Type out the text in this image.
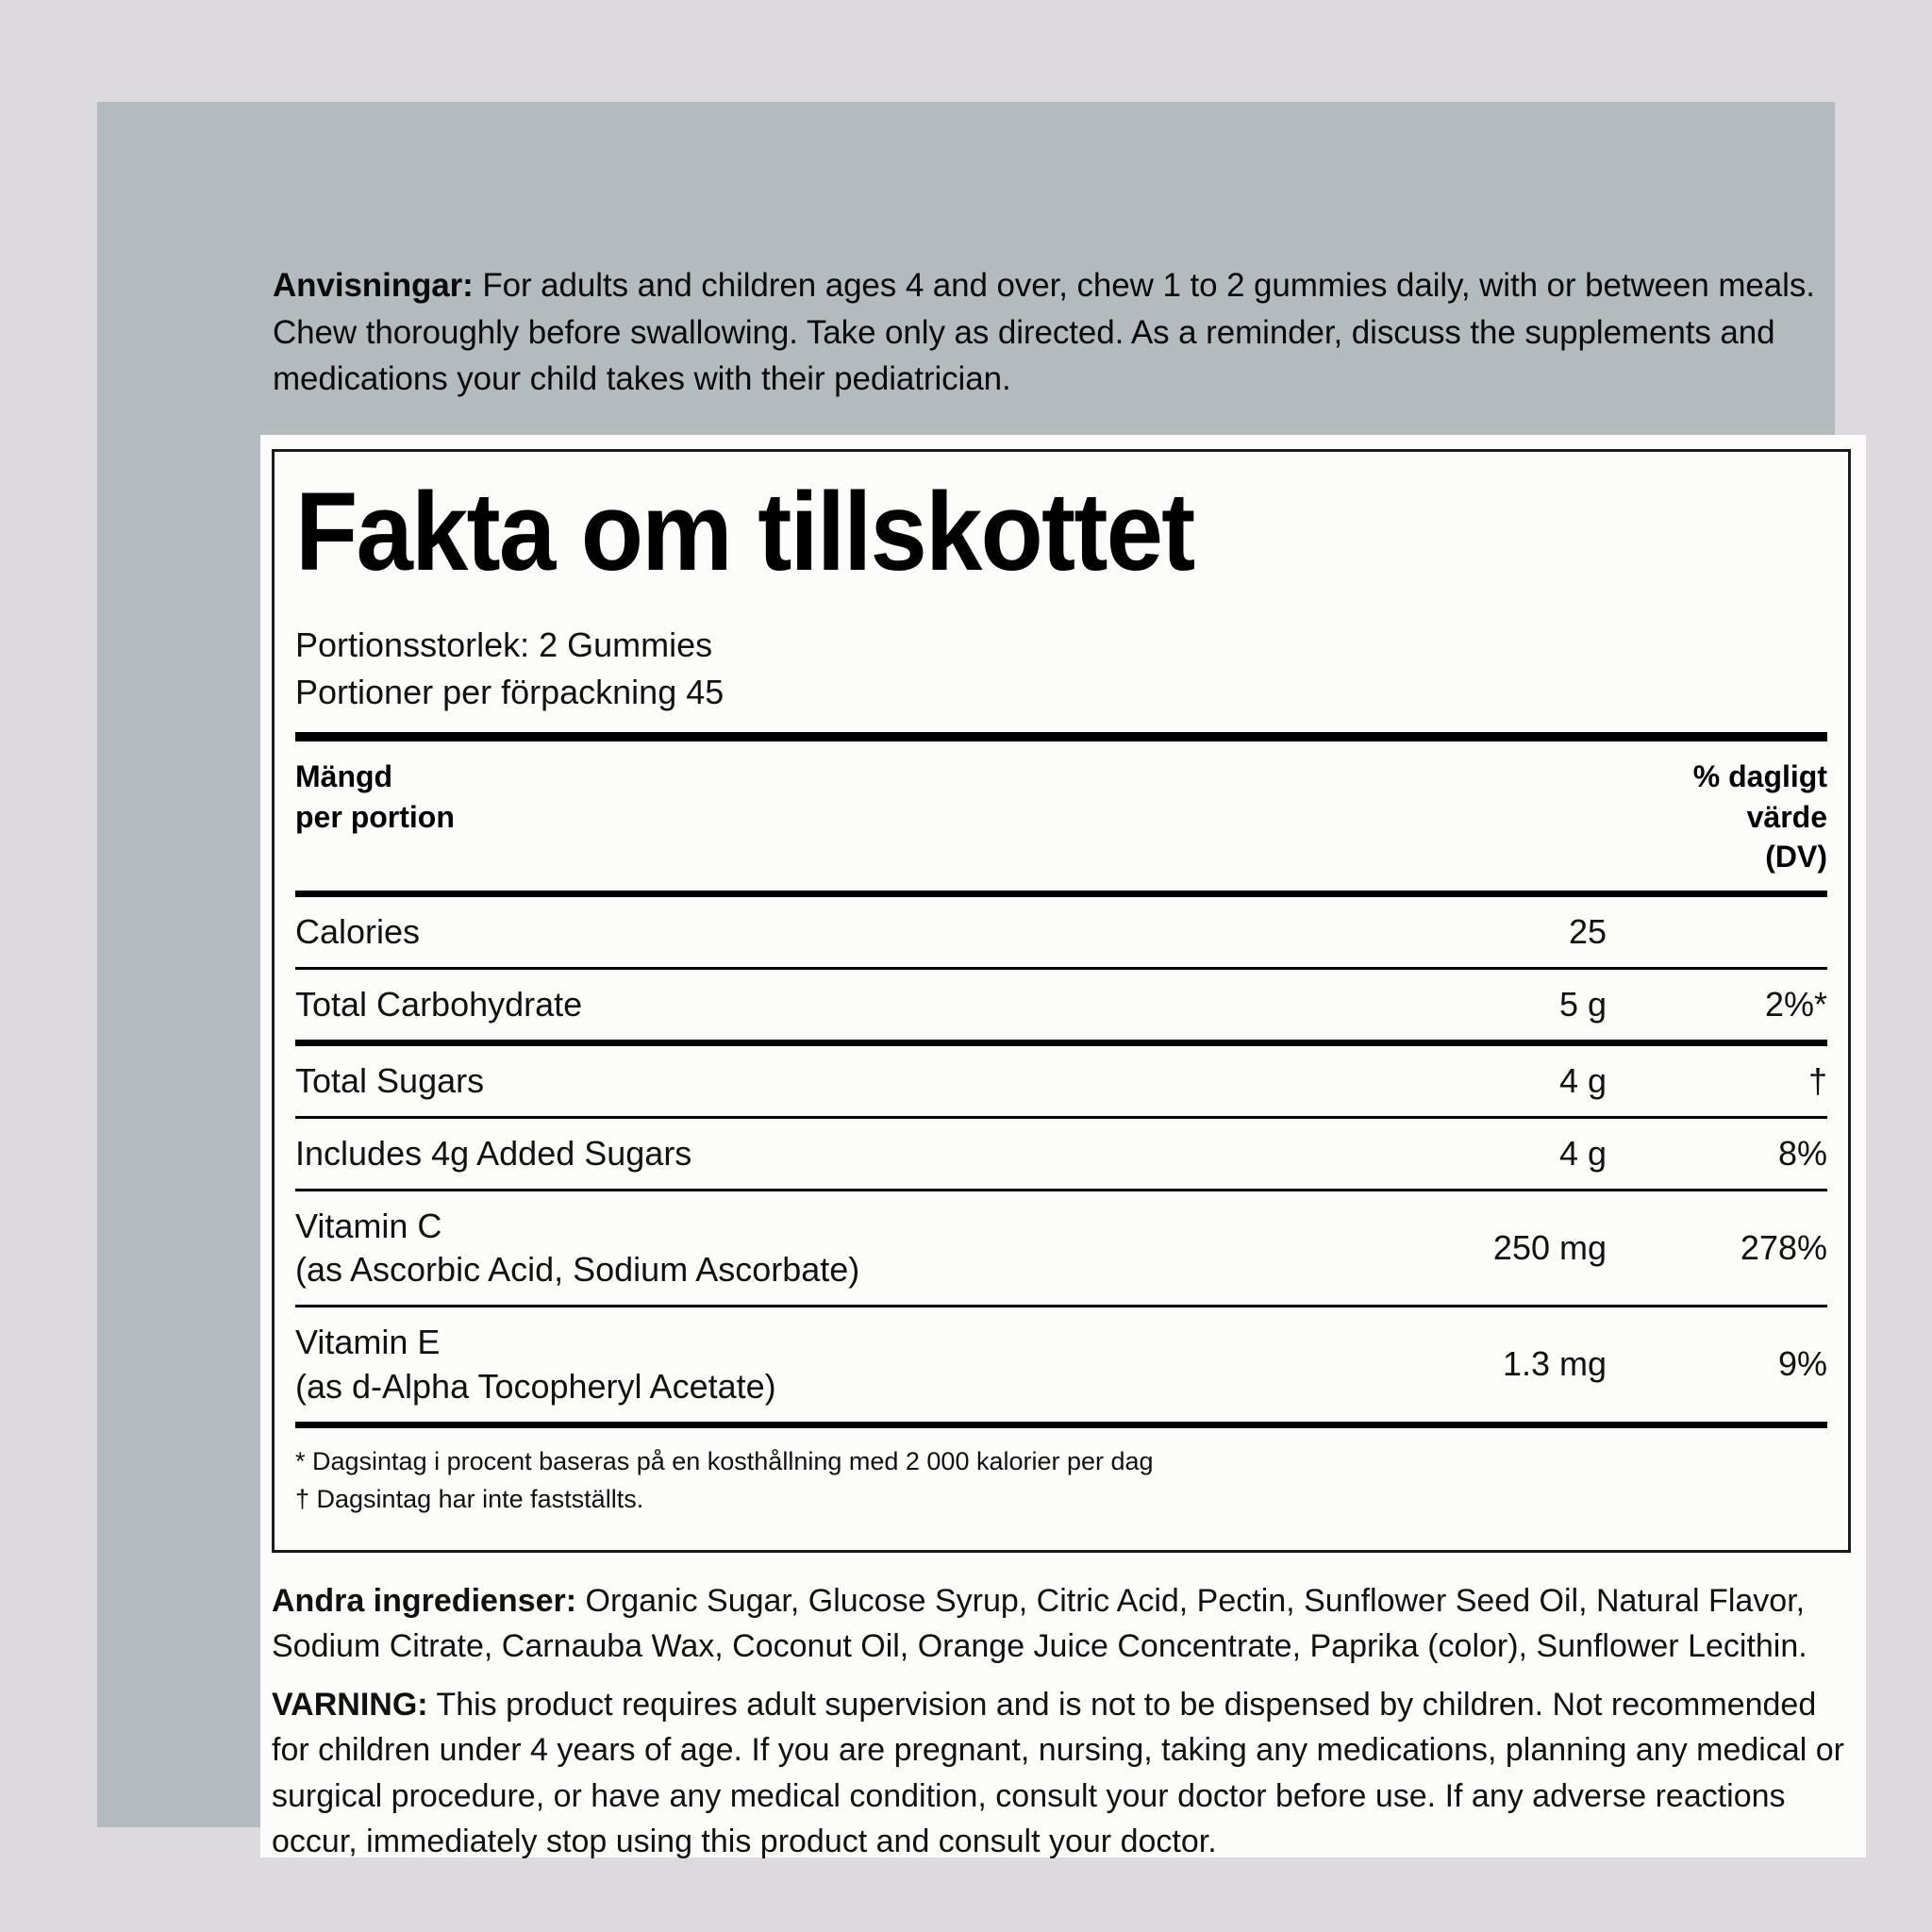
Anvisningar: For adults and children ages 4 and over, chew 1 to 2 gummies daily, with or between meals. Chew thoroughly before swallowing. Take only as directed. As a reminder, discuss the supplements and medications your child takes with their pediatrician.
Fakta om tillskottet
Portionsstorlek: 2 Gummies
Portioner per förpackning 45
Mängd
per portion
% dagligt
värde
(DV)
Calories	25	
Total Carbohydrate	5 g	2%*
Total Sugars	4 g	†
Includes 4g Added Sugars	4 g	8%
Vitamin C
(as Ascorbic Acid, Sodium Ascorbate)	250 mg	278%
Vitamin E
(as d-Alpha Tocopheryl Acetate)	1.3 mg	9%
* Dagsintag i procent baseras på en kosthållning med 2 000 kalorier per dag
† Dagsintag har inte fastställts.
Andra ingredienser: Organic Sugar, Glucose Syrup, Citric Acid, Pectin, Sunflower Seed Oil, Natural Flavor, Sodium Citrate, Carnauba Wax, Coconut Oil, Orange Juice Concentrate, Paprika (color), Sunflower Lecithin.
VARNING: This product requires adult supervision and is not to be dispensed by children. Not recommended for children under 4 years of age. If you are pregnant, nursing, taking any medications, planning any medical or surgical procedure, or have any medical condition, consult your doctor before use. If any adverse reactions occur, immediately stop using this product and consult your doctor.
